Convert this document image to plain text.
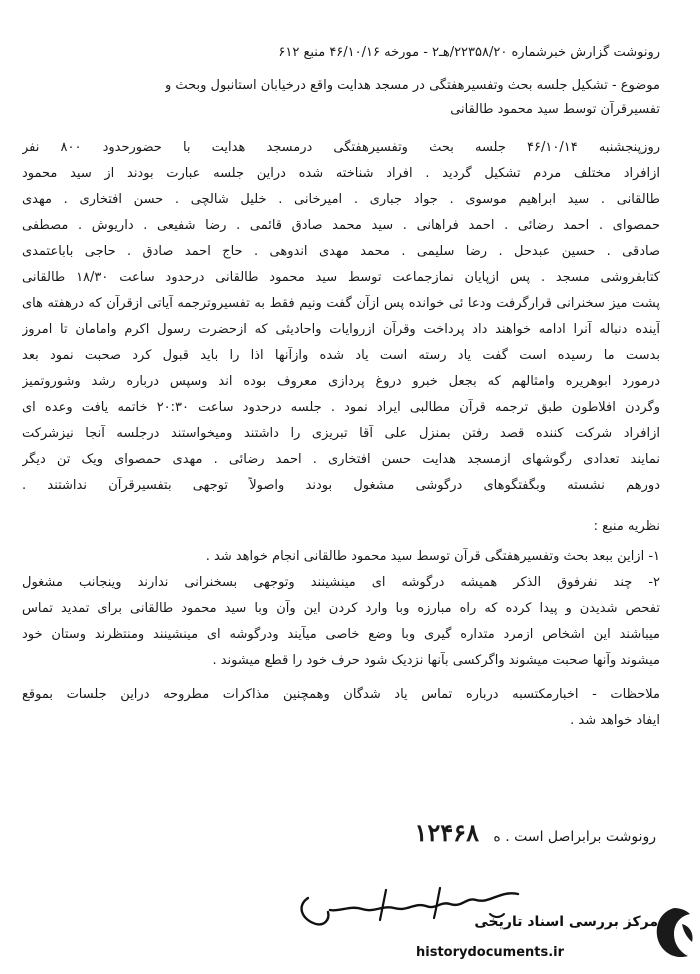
رونوشت گزارش خبرشماره ۲۲۳۵۸/۲۰/هـ۲ - مورخه ۴۶/۱۰/۱۶ منبع ۶۱۲
موضوع - تشکیل جلسه بحث وتفسیرهفتگی در مسجد هدایت واقع درخیابان استانبول وبحث و
تفسیرقرآن توسط سید محمود طالقانی
روزپنجشنبه ۴۶/۱۰/۱۴ جلسه بحث وتفسیرهفتگی درمسجد هدایت با حضورحدود ۸۰۰ نفر
ازافراد مختلف مردم تشکیل گردید . افراد شناخته شده دراین جلسه عبارت بودند از سید محمود
طالقانی . سید ابراهیم موسوی . جواد جباری . امیرخانی . خلیل شالچی . حسن افتخاری . مهدی
حمصوای . احمد رضائی . احمد فراهانی . سید محمد صادق قائمی . رضا شفیعی . داریوش . مصطفی
صادقی . حسین عبدحل . رضا سلیمی . محمد مهدی اندوهی . حاج احمد صادق . حاجی باباعتمدی
کتابفروشی مسجد . پس ازپایان نمازجماعت توسط سید محمود طالقانی درحدود ساعت ۱۸/۳۰ طالقانی
پشت میز سخنرانی قرارگرفت ودعا ئی خوانده پس ازآن گفت ونیم فقط به تفسیروترجمه آیاتی ازقرآن که درهفته های
آینده دنباله آنرا ادامه خواهند داد پرداخت وقرآن ازروایات واحادیثی که ازحضرت رسول اکرم وامامان تا امروز
بدست ما رسیده است گفت یاد رسته است یاد شده وازآنها اذا را باید قبول کرد صحبت نمود بعد
درمورد ابوهریره وامثالهم که بجعل خبرو دروغ پردازی معروف بوده اند وسپس درباره رشد وشوروتمیز
وگردن افلاطون طبق ترجمه قرآن مطالبی ایراد نمود . جلسه درحدود ساعت ۲۰:۳۰ خاتمه یافت وعده ای
ازافراد شرکت کننده قصد رفتن بمنزل علی آقا تبریزی را داشتند ومیخواستند درجلسه آنجا نیزشرکت
نمایند تعدادی رگوشهای ازمسجد هدایت حسن افتخاری . احمد رضائی . مهدی حمصوای ویک تن دیگر
دورهم نشسته وبگفتگوهای درگوشی مشغول بودند واصولاً توجهی بتفسیرقرآن نداشتند .
نظریه منبع :
۱- ازاین ببعد بحث وتفسیرهفتگی قرآن توسط سید محمود طالقانی انجام خواهد شد .
۲- چند نفرفوق الذکر همیشه درگوشه ای مینشینند وتوجهی بسخنرانی ندارند وینجانب مشغول
تفحص شدیدن و پیدا کرده که راه مبارزه وبا وارد کردن این وآن وبا سید محمود طالقانی برای تمدید تماس
میباشند این اشخاص ازمرد متداره گیری وبا وضع خاصی میآیند ودرگوشه ای مینشینند ومنتظرند وستان خود
میشوند وآنها صحبت میشوند واگرکسی بآنها نزدیک شود حرف خود را قطع میشوند .
ملاحظات - اخبارمکتسبه درباره تماس یاد شدگان وهمچنین مذاکرات مطروحه دراین جلسات بموقع
ایفاد خواهد شد .
رونوشت برابراصل است . ه ۱۲۴۶۸
مرکز بررسی اسناد تاریخی
historydocuments.ir
